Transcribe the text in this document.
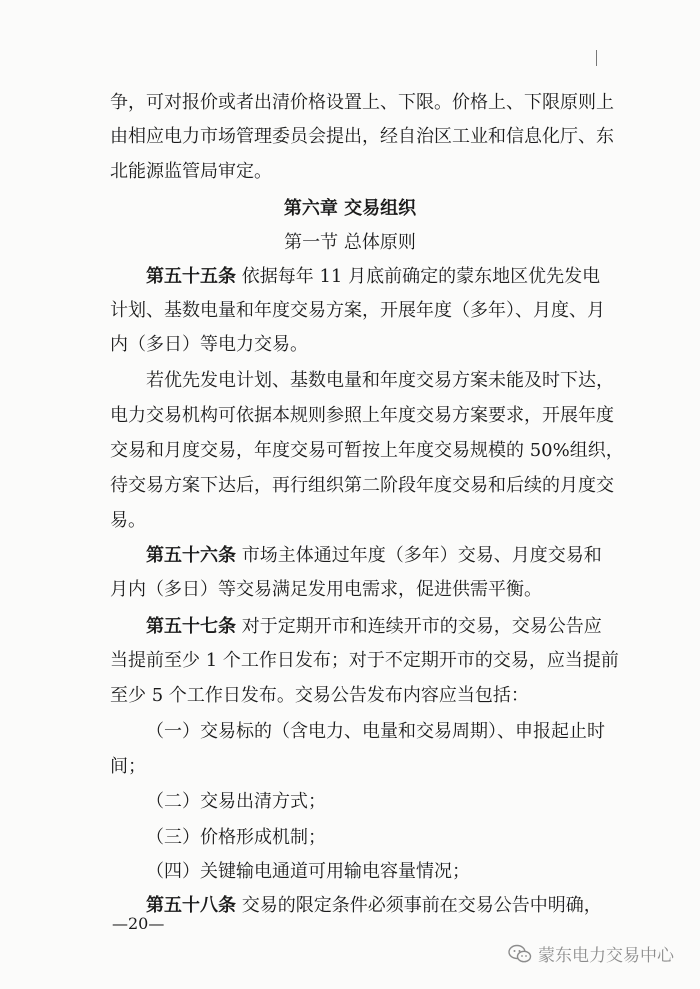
争，可对报价或者出清价格设置上、下限。价格上、下限原则上
由相应电力市场管理委员会提出，经自治区工业和信息化厅、东
北能源监管局审定。
第六章 交易组织
第一节 总体原则
第五十五条 依据每年 11 月底前确定的蒙东地区优先发电
计划、基数电量和年度交易方案，开展年度（多年）、月度、月
内（多日）等电力交易。
若优先发电计划、基数电量和年度交易方案未能及时下达，
电力交易机构可依据本规则参照上年度交易方案要求，开展年度
交易和月度交易，年度交易可暂按上年度交易规模的 50%组织，
待交易方案下达后，再行组织第二阶段年度交易和后续的月度交
易。
第五十六条 市场主体通过年度（多年）交易、月度交易和
月内（多日）等交易满足发用电需求，促进供需平衡。
第五十七条 对于定期开市和连续开市的交易，交易公告应
当提前至少 1 个工作日发布；对于不定期开市的交易，应当提前
至少 5 个工作日发布。交易公告发布内容应当包括：
（一）交易标的（含电力、电量和交易周期）、申报起止时
间；
（二）交易出清方式；
（三）价格形成机制；
（四）关键输电通道可用输电容量情况；
第五十八条 交易的限定条件必须事前在交易公告中明确，
—20—
蒙东电力交易中心
